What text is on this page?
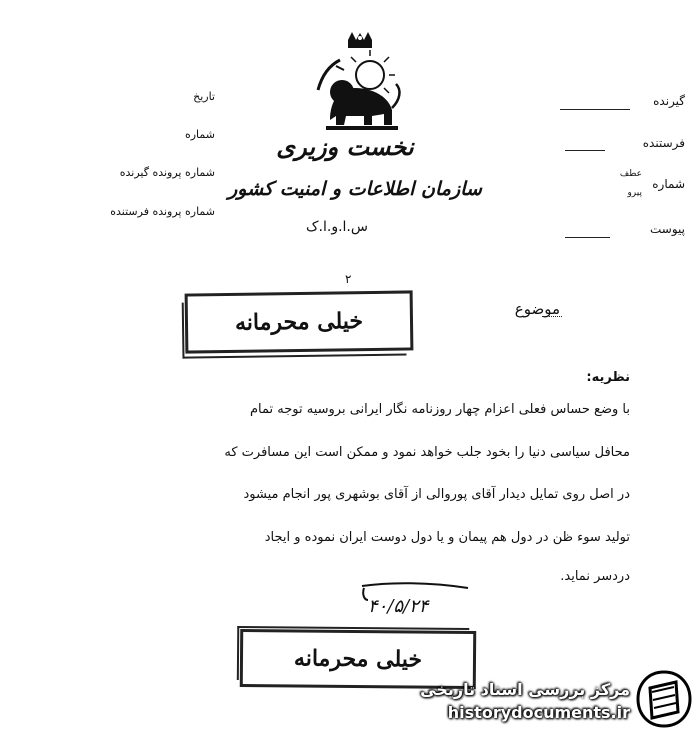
نخست وزیری
سازمان اطلاعات و امنیت کشور
س.ا.و.ا.ک
تاریخ
شماره
شماره پرونده گیرنده
شماره پرونده فرستنده
گیرنده
فرستنده
شماره
عطف
پیرو
پیوست
موضوع
۲
خیلی محرمانه
نظریه:
با وضع حساس فعلی اعزام چهار روزنامه نگار ایرانی بروسیه توجه تمام
محافل سیاسی دنیا را بخود جلب خواهد نمود و ممکن است این مسافرت که
در اصل روی تمایل دیدار آقای پوروالی از آقای بوشهری پور انجام میشود
تولید سوء ظن در دول هم پیمان و یا دول دوست ایران نموده و ایجاد
دردسر نماید.
۴۰/۵/۲۴
خیلی محرمانه
مرکز بررسی اسناد تاریخی
historydocuments.ir
